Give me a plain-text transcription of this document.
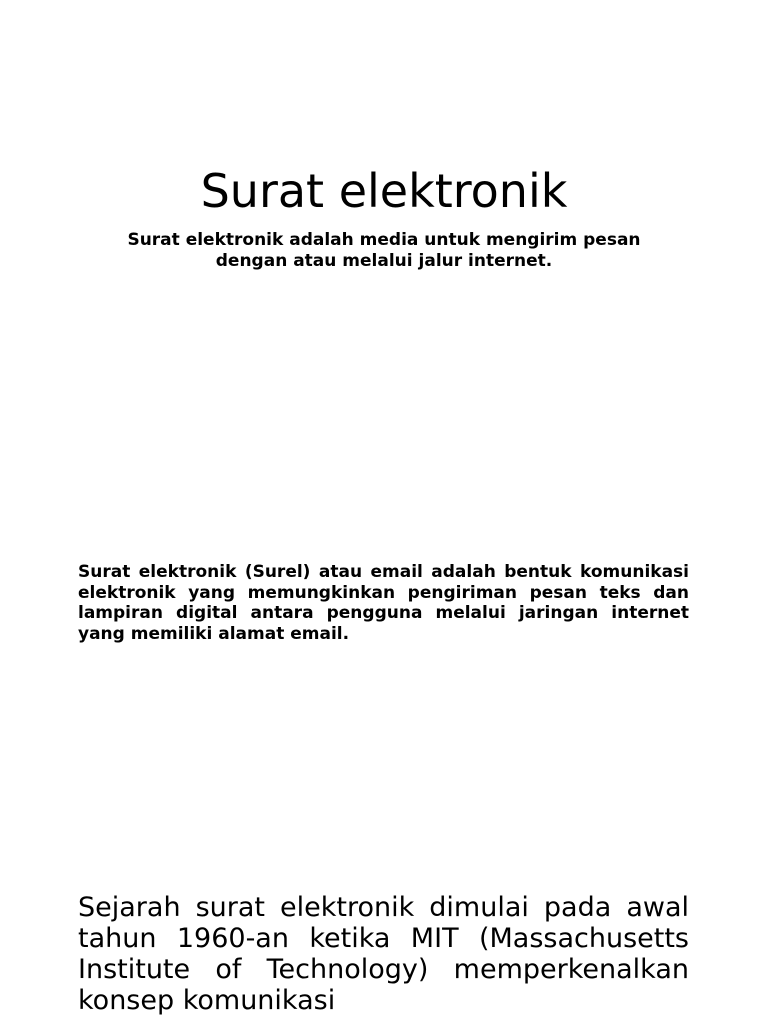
Surat elektronik

Surat elektronik adalah media untuk mengirim pesan dengan atau melalui jalur internet.

Surat elektronik (Surel) atau email adalah bentuk komunikasi elektronik yang memungkinkan pengiriman pesan teks dan lampiran digital antara pengguna melalui jaringan internet yang memiliki alamat email.

Sejarah surat elektronik dimulai pada awal tahun 1960-an ketika MIT (Massachusetts Institute of Technology) memperkenalkan konsep komunikasi
